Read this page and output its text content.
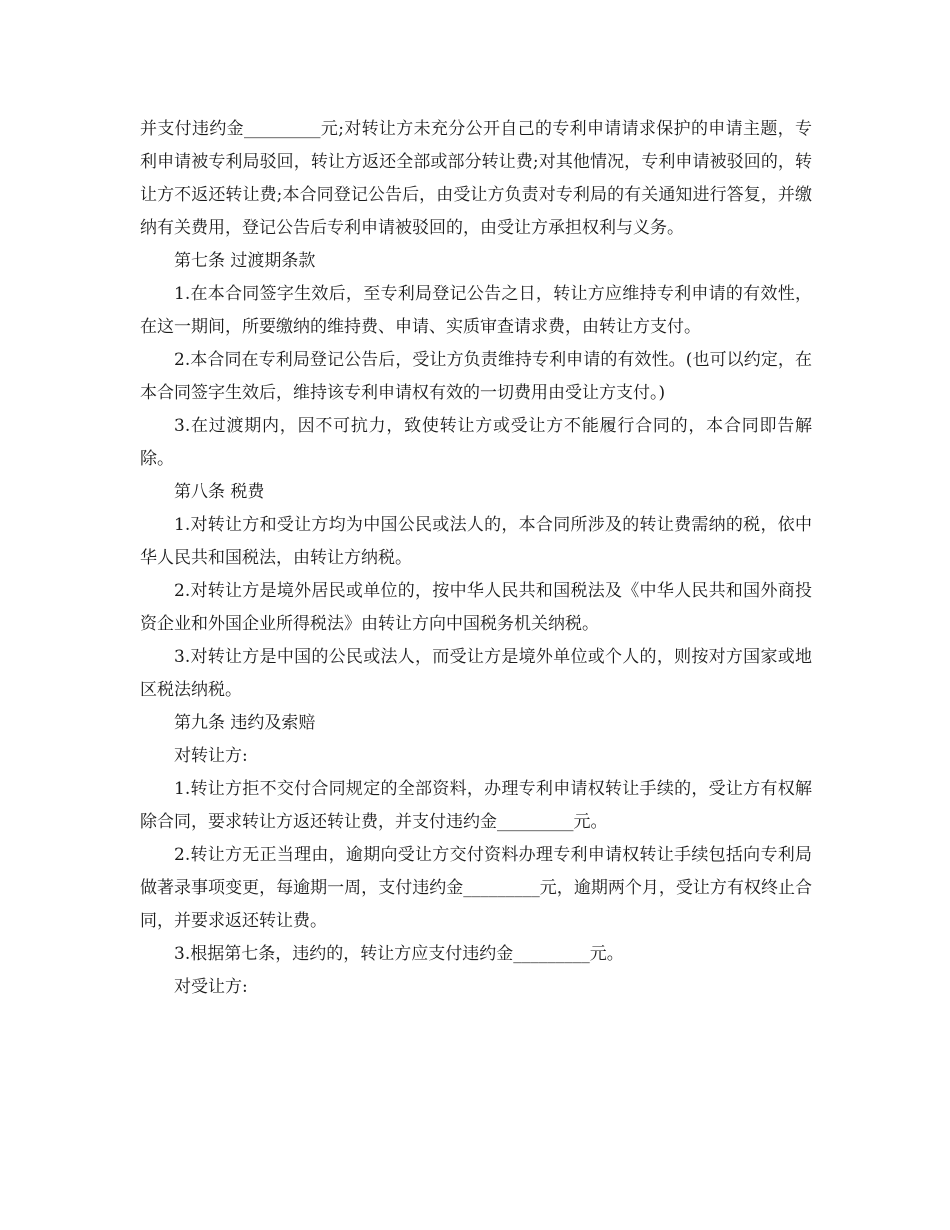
并支付违约金_________元;对转让方未充分公开自己的专利申请请求保护的申请主题，专利申请被专利局驳回，转让方返还全部或部分转让费;对其他情况，专利申请被驳回的，转让方不返还转让费;本合同登记公告后，由受让方负责对专利局的有关通知进行答复，并缴纳有关费用，登记公告后专利申请被驳回的，由受让方承担权利与义务。

第七条 过渡期条款

1.在本合同签字生效后，至专利局登记公告之日，转让方应维持专利申请的有效性，在这一期间，所要缴纳的维持费、申请、实质审查请求费，由转让方支付。

2.本合同在专利局登记公告后，受让方负责维持专利申请的有效性。(也可以约定，在本合同签字生效后，维持该专利申请权有效的一切费用由受让方支付。)

3.在过渡期内，因不可抗力，致使转让方或受让方不能履行合同的，本合同即告解除。

第八条 税费

1.对转让方和受让方均为中国公民或法人的，本合同所涉及的转让费需纳的税，依中华人民共和国税法，由转让方纳税。

2.对转让方是境外居民或单位的，按中华人民共和国税法及《中华人民共和国外商投资企业和外国企业所得税法》由转让方向中国税务机关纳税。

3.对转让方是中国的公民或法人，而受让方是境外单位或个人的，则按对方国家或地区税法纳税。

第九条 违约及索赔

对转让方:

1.转让方拒不交付合同规定的全部资料，办理专利申请权转让手续的，受让方有权解除合同，要求转让方返还转让费，并支付违约金_________元。

2.转让方无正当理由，逾期向受让方交付资料办理专利申请权转让手续包括向专利局做著录事项变更，每逾期一周，支付违约金_________元，逾期两个月，受让方有权终止合同，并要求返还转让费。

3.根据第七条，违约的，转让方应支付违约金_________元。

对受让方:
